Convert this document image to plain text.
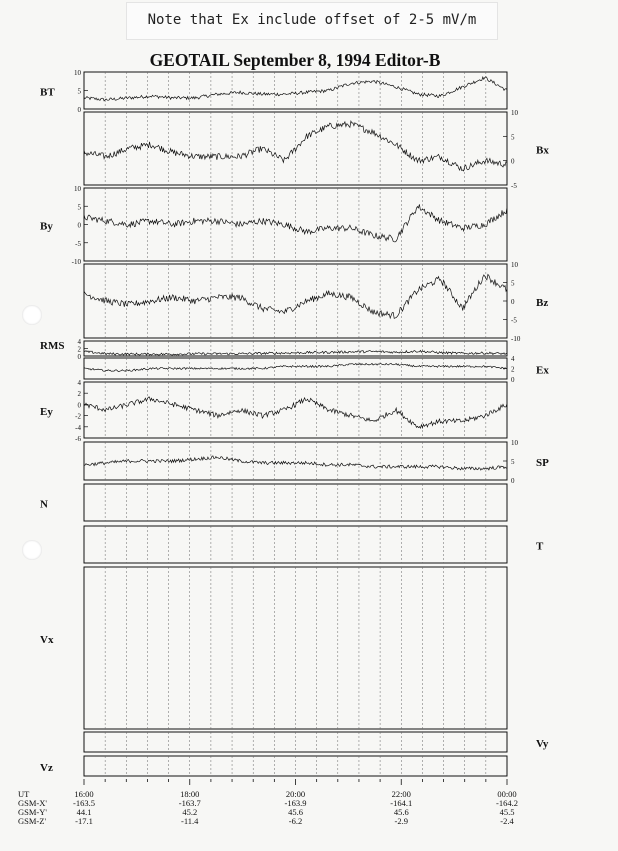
Note that Ex include offset of 2-5 mV/m
GEOTAIL September 8, 1994 Editor-B
10
5
0
BT
10
5
0
-5
Bx
10
5
0
-5
-10
By
10
5
0
-5
-10
Bz
4
2
0
RMS
4
2
0
Ex
4
2
0
-2
-4
-6
Ey
10
5
0
SP
N
T
Vx
Vy
Vz
UT	16:00	18:00	20:00	22:00	00:00
GSM-X'	-163.5	-163.7	-163.9	-164.1	-164.2
GSM-Y'	44.1	45.2	45.6	45.6	45.5
GSM-Z'	-17.1	-11.4	-6.2	-2.9	-2.4
